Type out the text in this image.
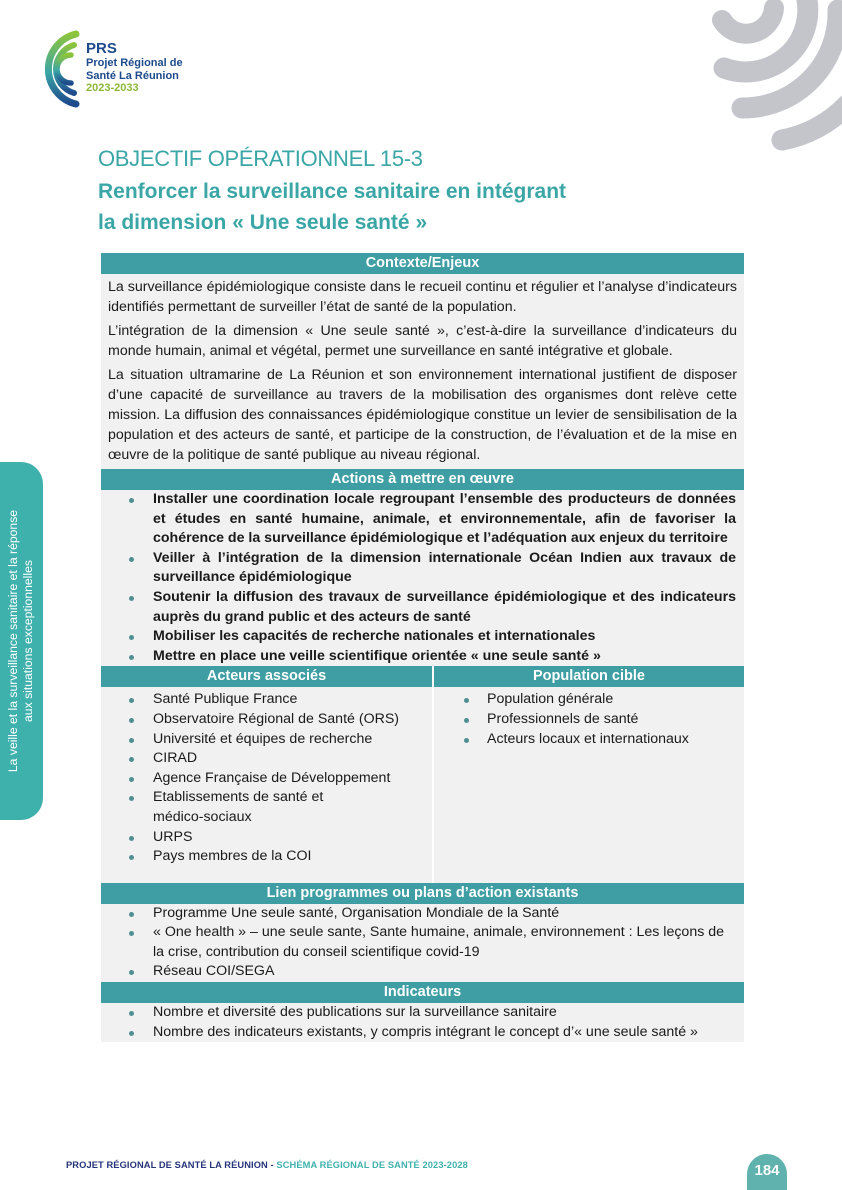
PRS
Projet Régional de
Santé La Réunion
2023-2033
OBJECTIF OPÉRATIONNEL 15-3
Renforcer la surveillance sanitaire en intégrant
la dimension « Une seule santé »
La veille et la surveillance sanitaire et la réponse aux situations exceptionnelles
Contexte/Enjeux

La surveillance épidémiologique consiste dans le recueil continu et régulier et l’analyse d’indicateurs identifiés permettant de surveiller l’état de santé de la population.

L’intégration de la dimension « Une seule santé », c’est-à-dire la surveillance d’indicateurs du monde humain, animal et végétal, permet une surveillance en santé intégrative et globale.

La situation ultramarine de La Réunion et son environnement international justifient de disposer d’une capacité de surveillance au travers de la mobilisation des organismes dont relève cette mission. La diffusion des connaissances épidémiologique constitue un levier de sensibilisation de la population et des acteurs de santé, et participe de la construction, de l’évaluation et de la mise en œuvre de la politique de santé publique au niveau régional.

Actions à mettre en œuvre
Installer une coordination locale regroupant l’ensemble des producteurs de données et études en santé humaine, animale, et environnementale, afin de favoriser la cohérence de la surveillance épidémiologique et l’adéquation aux enjeux du territoire
Veiller à l’intégration de la dimension internationale Océan Indien aux travaux de surveillance épidémiologique
Soutenir la diffusion des travaux de surveillance épidémiologique et des indicateurs auprès du grand public et des acteurs de santé
Mobiliser les capacités de recherche nationales et internationales
Mettre en place une veille scientifique orientée « une seule santé »
Acteurs associés	Population cible
Santé Publique France
Observatoire Régional de Santé (ORS)
Université et équipes de recherche
CIRAD
Agence Française de Développement
Etablissements de santé et médico-sociaux
URPS
Pays membres de la COI
Population générale
Professionnels de santé
Acteurs locaux et internationaux
Lien programmes ou plans d’action existants
Programme Une seule santé, Organisation Mondiale de la Santé
« One health » – une seule sante, Sante humaine, animale, environnement : Les leçons de la crise, contribution du conseil scientifique covid-19
Réseau COI/SEGA
Indicateurs
Nombre et diversité des publications sur la surveillance sanitaire
Nombre des indicateurs existants, y compris intégrant le concept d’« une seule santé »
PROJET RÉGIONAL DE SANTÉ LA RÉUNION - SCHÉMA RÉGIONAL DE SANTÉ 2023-2028	184
